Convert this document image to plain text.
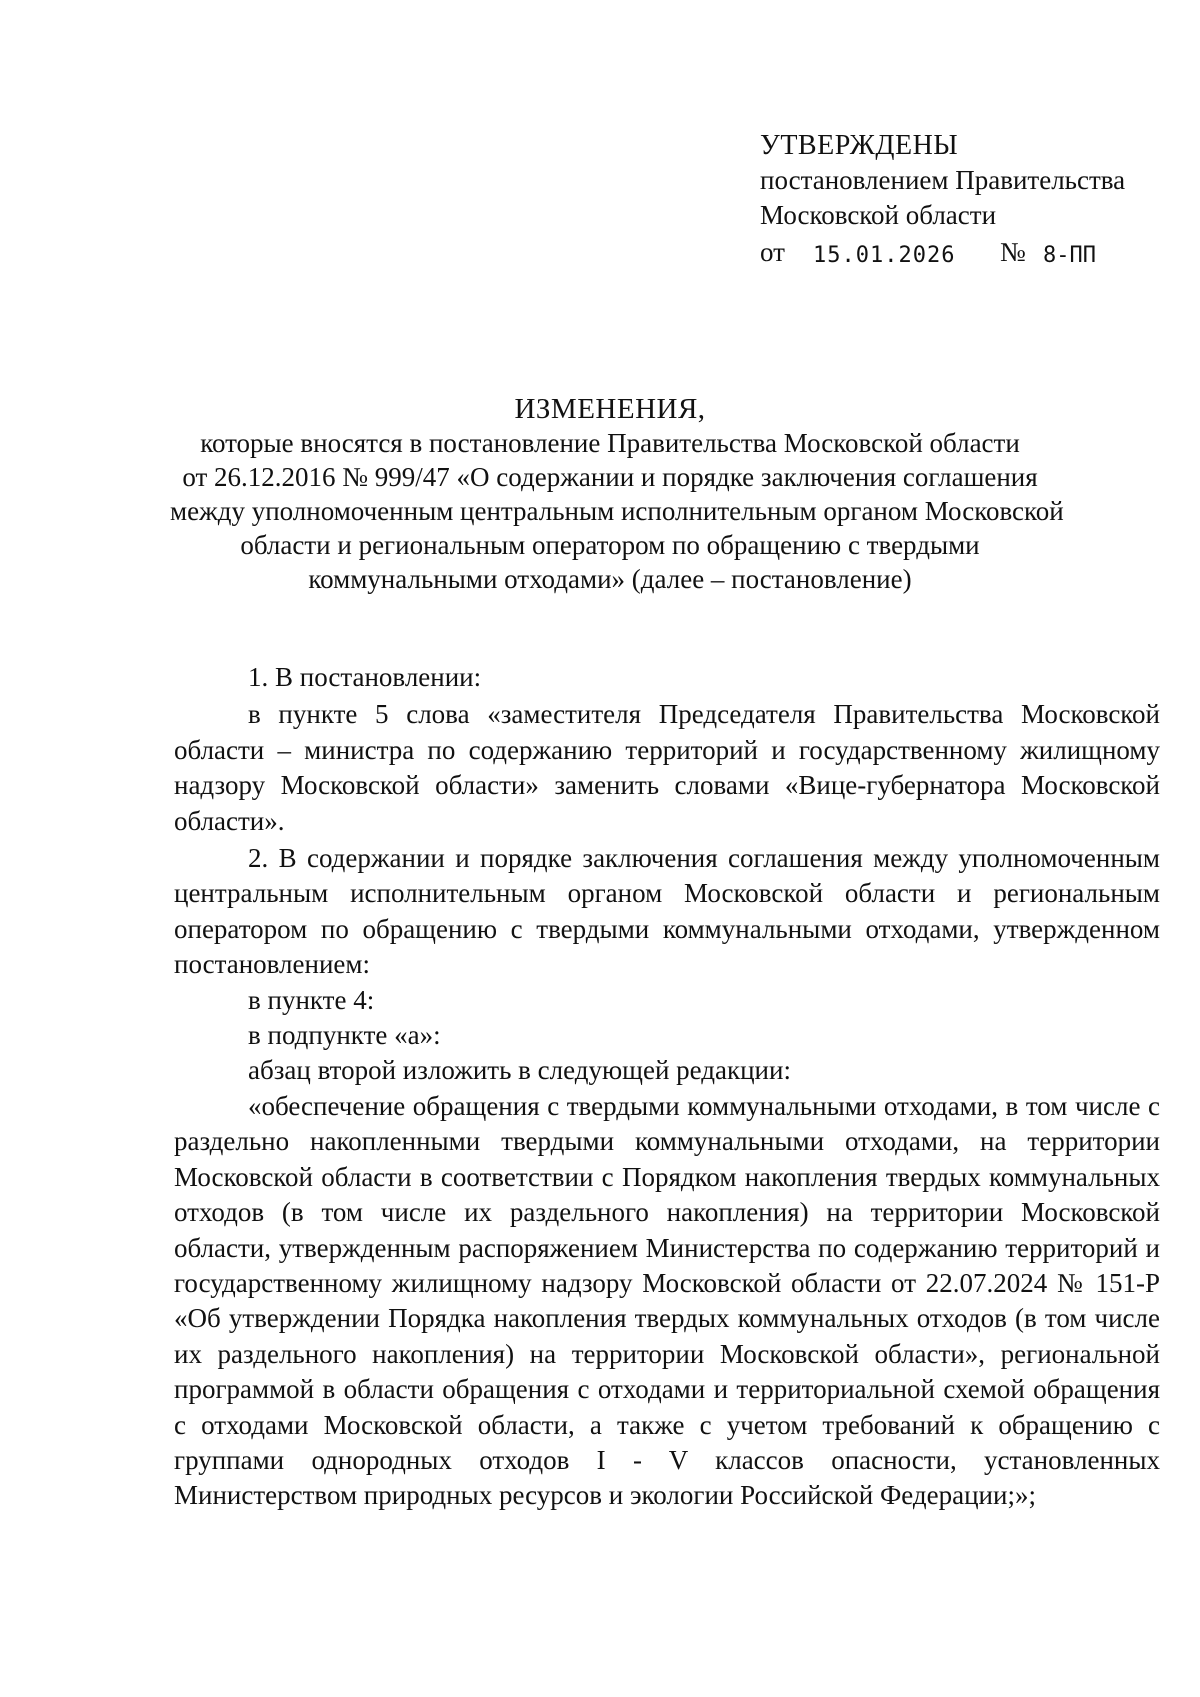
УТВЕРЖДЕНЫ
постановлением Правительства
Московской области
от 15.01.2026 № 8-ПП
ИЗМЕНЕНИЯ,
которые вносятся в постановление Правительства Московской области
от 26.12.2016 № 999/47 «О содержании и порядке заключения соглашения
между уполномоченным центральным исполнительным органом Московской
области и региональным оператором по обращению с твердыми
коммунальными отходами» (далее – постановление)

1. В постановлении:

в пункте 5 слова «заместителя Председателя Правительства Московской области – министра по содержанию территорий и государственному жилищному надзору Московской области» заменить словами «Вице-губернатора Московской области».

2. В содержании и порядке заключения соглашения между уполномоченным центральным исполнительным органом Московской области и региональным оператором по обращению с твердыми коммунальными отходами, утвержденном постановлением:

в пункте 4:

в подпункте «а»:

абзац второй изложить в следующей редакции:

«обеспечение обращения с твердыми коммунальными отходами, в том числе с раздельно накопленными твердыми коммунальными отходами, на территории Московской области в соответствии с Порядком накопления твердых коммунальных отходов (в том числе их раздельного накопления) на территории Московской области, утвержденным распоряжением Министерства по содержанию территорий и государственному жилищному надзору Московской области от 22.07.2024 № 151-Р «Об утверждении Порядка накопления твердых коммунальных отходов (в том числе их раздельного накопления) на территории Московской области», региональной программой в области обращения с отходами и территориальной схемой обращения с отходами Московской области, а также с учетом требований к обращению с группами однородных отходов I - V классов опасности, установленных Министерством природных ресурсов и экологии Российской Федерации;»;
